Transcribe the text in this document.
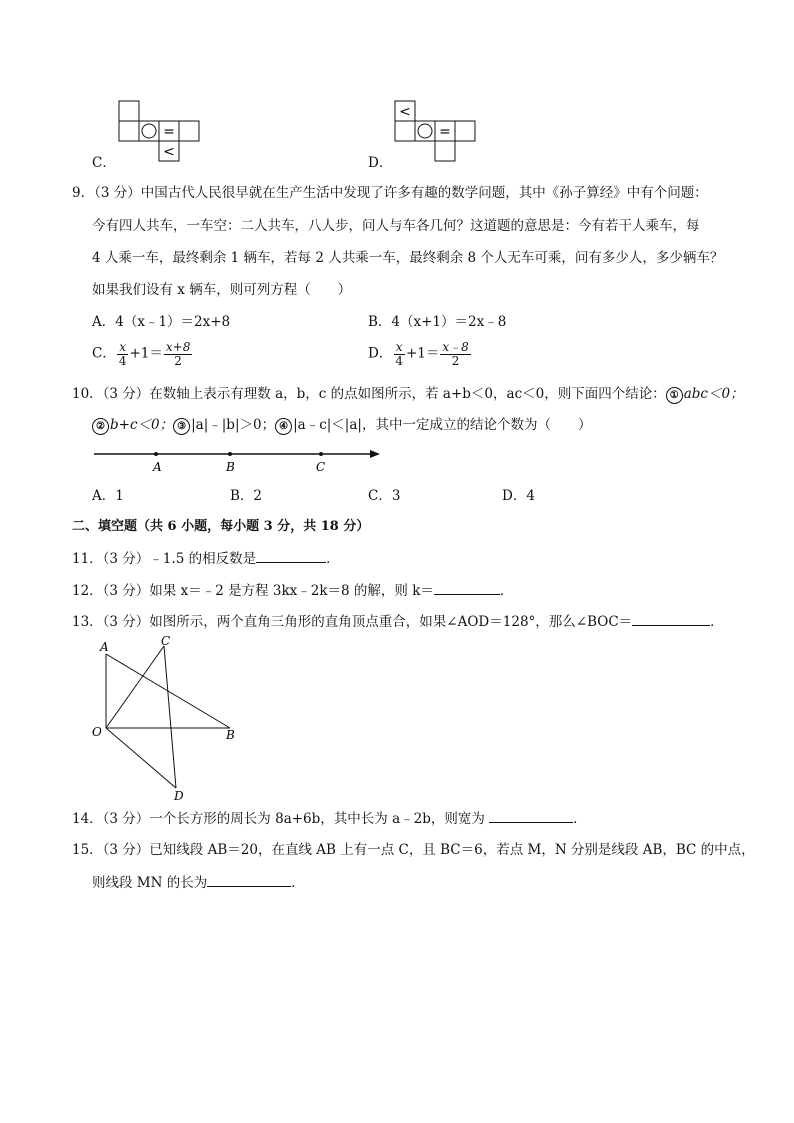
=
<
C．
<
=
D．
9．（3 分）中国古代人民很早就在生产生活中发现了许多有趣的数学问题，其中《孙子算经》中有个问题：
今有四人共车，一车空：二人共车，八人步，问人与车各几何？这道题的意思是：今有若干人乘车，每
4 人乘一车，最终剩余 1 辆车，若每 2 人共乘一车，最终剩余 8 个人无车可乘，问有多少人，多少辆车？
如果我们设有 x 辆车，则可列方程（　　）
A．4（x﹣1）＝2x+8	B．4（x+1）＝2x﹣8
C． $\frac{x}{4} +1= \frac{x+8}{2}$	D． $\frac{x}{4} +1= \frac{x﹣8}{2}$
10．（3 分）在数轴上表示有理数 a，b，c 的点如图所示，若 a+b＜0，ac＜0，则下面四个结论： ① abc＜0；
② b+c＜0； ③ |a|﹣|b|＞0； ④ |a﹣c|＜|a|，其中一定成立的结论个数为（　　）
A	B	C
A．1	B．2	C．3	D．4
二、填空题（共 6 小题，每小题 3 分，共 18 分）
11．（3 分）﹣1.5 的相反数是	．
12．（3 分）如果 x＝﹣2 是方程 3kx﹣2k＝8 的解，则 k＝	．
13．（3 分）如图所示，两个直角三角形的直角顶点重合，如果∠AOD＝128°，那么∠BOC＝	．
A	C
O	B
D
14．（3 分）一个长方形的周长为 8a+6b，其中长为 a﹣2b，则宽为	．
15．（3 分）已知线段 AB＝20，在直线 AB 上有一点 C，且 BC＝6，若点 M，N 分别是线段 AB，BC 的中点，
则线段 MN 的长为	．
